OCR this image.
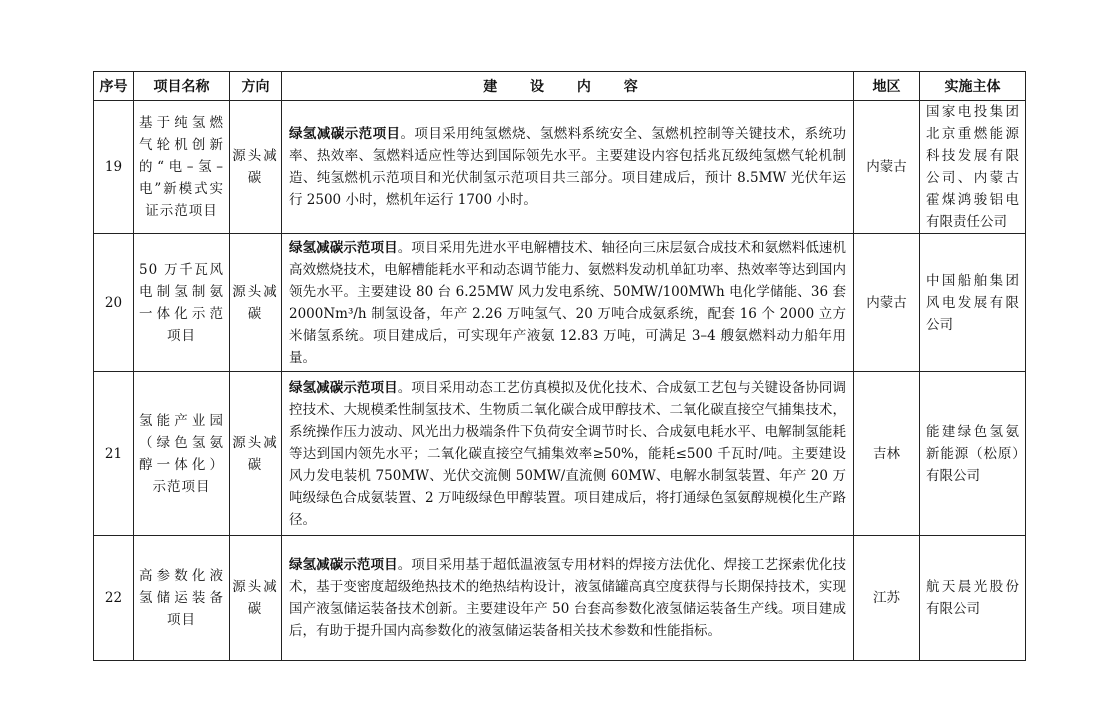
序号	项目名称	方向	建 设 内 容	地区	实施主体
19	基于纯氢燃气轮机创新的“电–氢–电”新模式实证示范项目	源头减碳	绿氢减碳示范项目。项目采用纯氢燃烧、氢燃料系统安全、氢燃机控制等关键技术，系统功率、热效率、氢燃料适应性等达到国际领先水平。主要建设内容包括兆瓦级纯氢燃气轮机制造、纯氢燃机示范项目和光伏制氢示范项目共三部分。项目建成后，预计 8.5MW 光伏年运行 2500 小时，燃机年运行 1700 小时。	内蒙古	国家电投集团北京重燃能源科技发展有限公司、内蒙古霍煤鸿骏铝电有限责任公司
20	50 万千瓦风电制氢制氨一体化示范项目	源头减碳	绿氢减碳示范项目。项目采用先进水平电解槽技术、轴径向三床层氨合成技术和氨燃料低速机高效燃烧技术，电解槽能耗水平和动态调节能力、氨燃料发动机单缸功率、热效率等达到国内领先水平。主要建设 80 台 6.25MW 风力发电系统、50MW/100MWh 电化学储能、36 套 2000Nm³/h 制氢设备，年产 2.26 万吨氢气、20 万吨合成氨系统，配套 16 个 2000 立方米储氢系统。项目建成后，可实现年产液氨 12.83 万吨，可满足 3–4 艘氨燃料动力船年用量。	内蒙古	中国船舶集团风电发展有限公司
21	氢能产业园（绿色氢氨醇一体化）示范项目	源头减碳	绿氢减碳示范项目。项目采用动态工艺仿真模拟及优化技术、合成氨工艺包与关键设备协同调控技术、大规模柔性制氢技术、生物质二氧化碳合成甲醇技术、二氧化碳直接空气捕集技术，系统操作压力波动、风光出力极端条件下负荷安全调节时长、合成氨电耗水平、电解制氢能耗等达到国内领先水平；二氧化碳直接空气捕集效率≥50%，能耗≤500 千瓦时/吨。主要建设风力发电装机 750MW、光伏交流侧 50MW/直流侧 60MW、电解水制氢装置、年产 20 万吨级绿色合成氨装置、2 万吨级绿色甲醇装置。项目建成后，将打通绿色氢氨醇规模化生产路径。	吉林	能建绿色氢氨新能源（松原）有限公司
22	高参数化液氢储运装备项目	源头减碳	绿氢减碳示范项目。项目采用基于超低温液氢专用材料的焊接方法优化、焊接工艺探索优化技术，基于变密度超级绝热技术的绝热结构设计，液氢储罐高真空度获得与长期保持技术，实现国产液氢储运装备技术创新。主要建设年产 50 台套高参数化液氢储运装备生产线。项目建成后，有助于提升国内高参数化的液氢储运装备相关技术参数和性能指标。	江苏	航天晨光股份有限公司
